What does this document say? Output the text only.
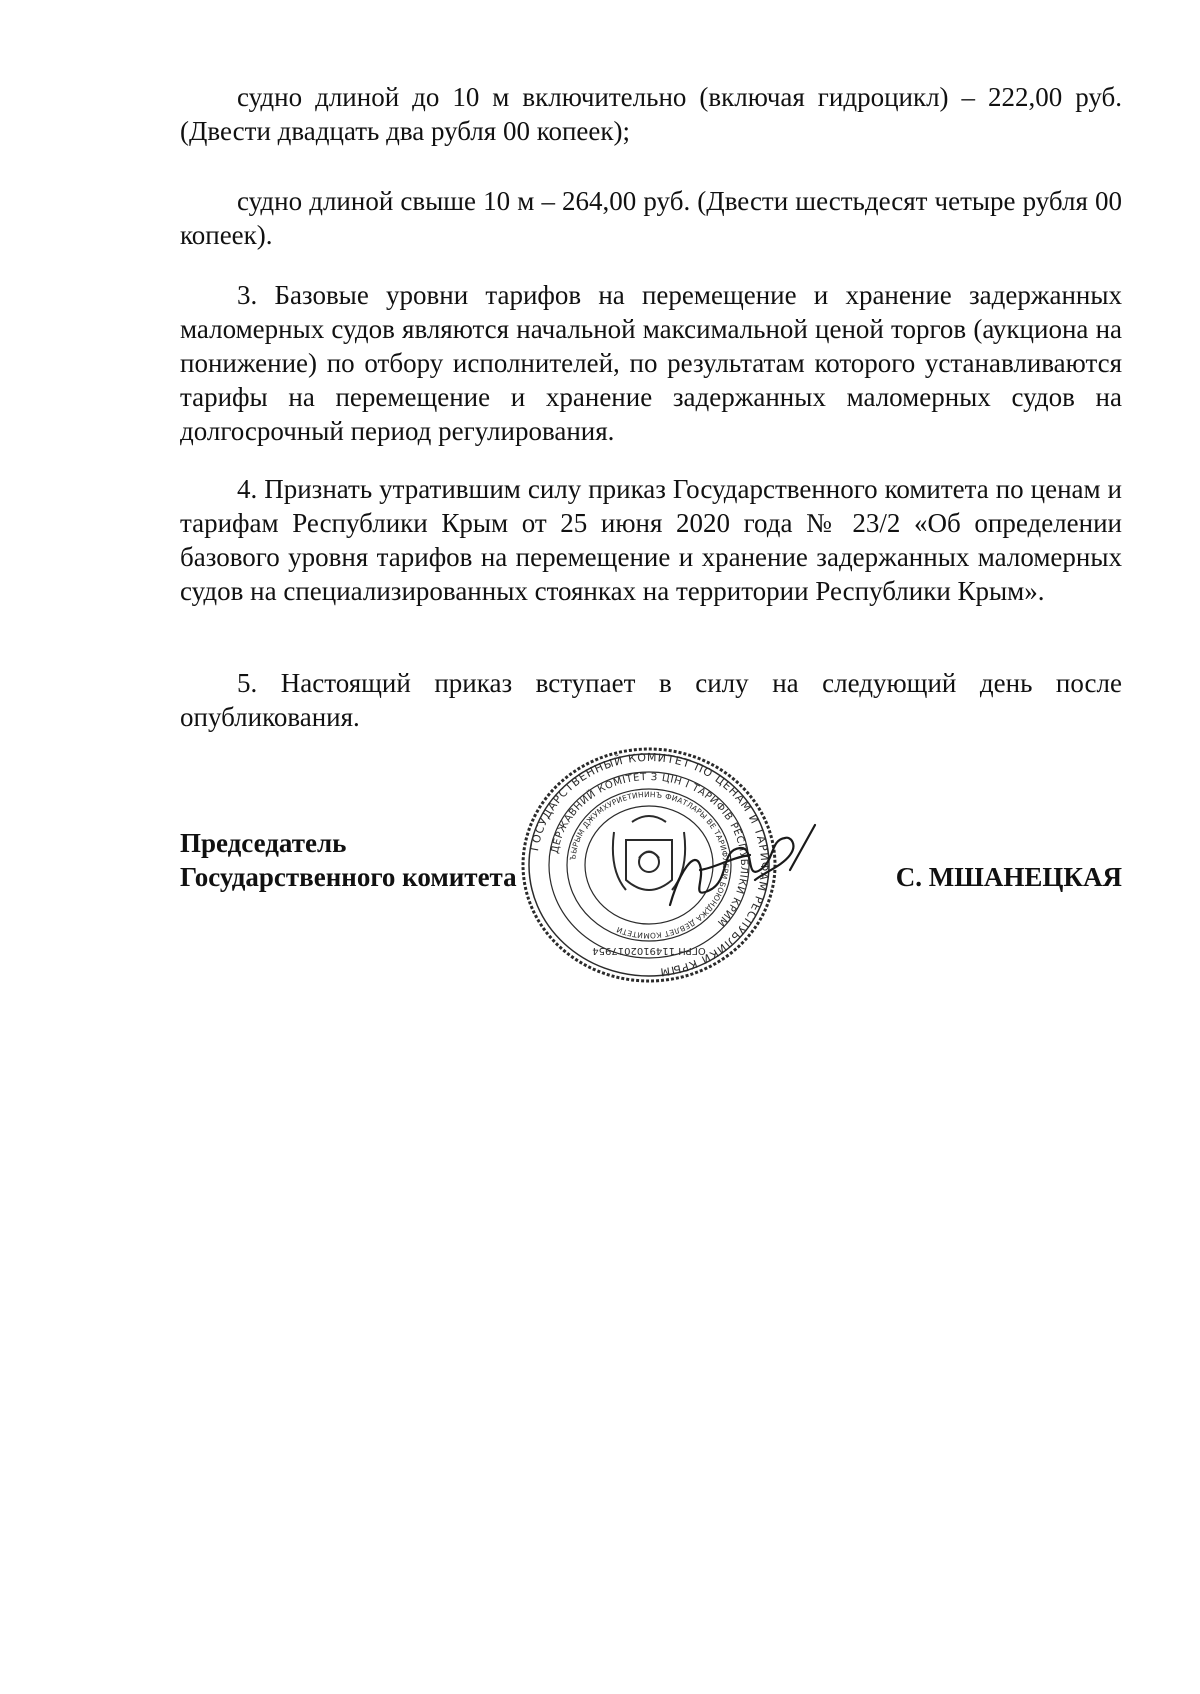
судно длиной до 10 м включительно (включая гидроцикл) – 222,00 руб. (Двести двадцать два рубля 00 копеек);

судно длиной свыше 10 м – 264,00 руб. (Двести шестьдесят четыре рубля 00 копеек).

3. Базовые уровни тарифов на перемещение и хранение задержанных маломерных судов являются начальной максимальной ценой торгов (аукциона на понижение) по отбору исполнителей, по результатам которого устанавливаются тарифы на перемещение и хранение задержанных маломерных судов на долгосрочный период регулирования.

4. Признать утратившим силу приказ Государственного комитета по ценам и тарифам Республики Крым от 25 июня 2020 года № 23/2 «Об определении базового уровня тарифов на перемещение и хранение задержанных маломерных судов на специализированных стоянках на территории Республики Крым».

5. Настоящий приказ вступает в силу на следующий день после опубликования.

Председатель
Государственного комитета	С. МШАНЕЦКАЯ
ГОСУДАРСТВЕННЫЙ КОМИТЕТ ПО ЦЕНАМ И ТАРИФАМ РЕСПУБЛИКИ КРЫМ
ДЕРЖАВНИЙ КОМІТЕТ З ЦІН І ТАРИФІВ РЕСПУБЛІКИ КРИМ
ЪЫРЫМ ДЖУМХУРИЕТИНИНЪ ФИАТЛАРЫ ВЕ ТАРИФЛЕРИ БОЮНДЖА ДЕВЛЕТ КОМИТЕТИ
ОГРН 1149102017954
